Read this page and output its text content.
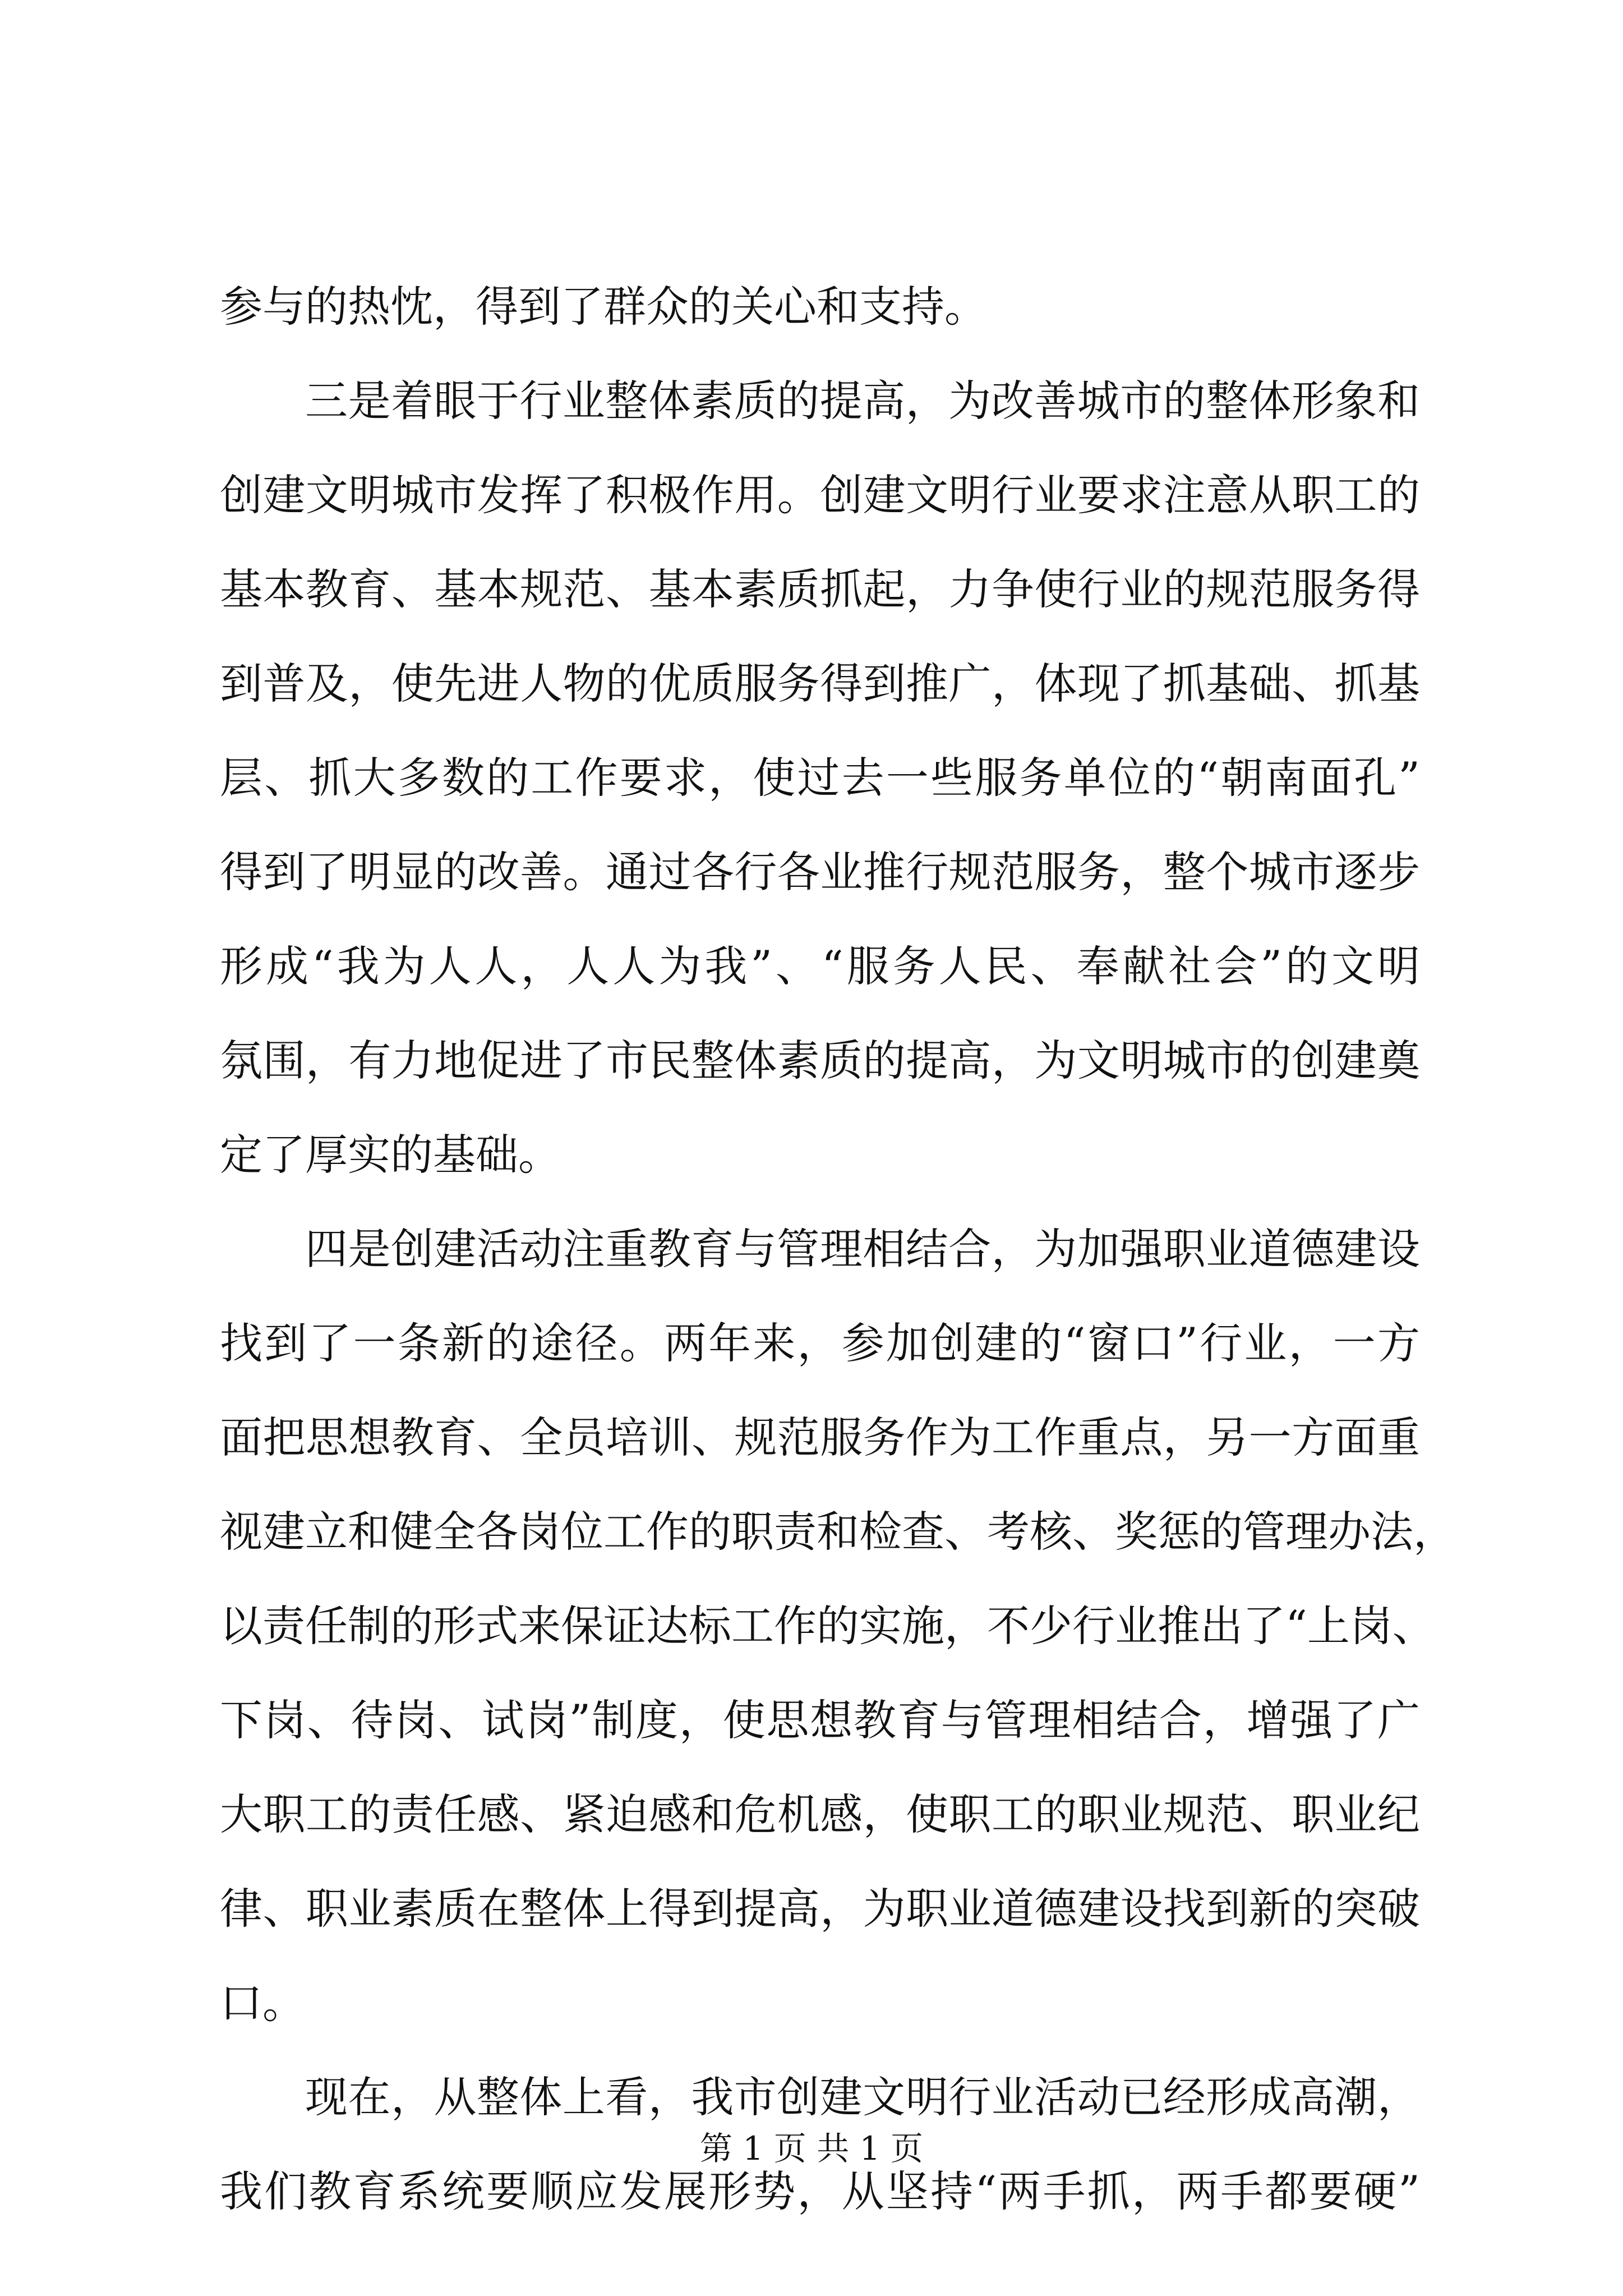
参与的热忱，得到了群众的关心和支持。
三是着眼于行业整体素质的提高，为改善城市的整体形象和
创建文明城市发挥了积极作用。创建文明行业要求注意从职工的
基本教育、基本规范、基本素质抓起，力争使行业的规范服务得
到普及，使先进人物的优质服务得到推广，体现了抓基础、抓基
层、抓大多数的工作要求，使过去一些服务单位的“朝南面孔”
得到了明显的改善。通过各行各业推行规范服务，整个城市逐步
形成“我为人人，人人为我”、“服务人民、奉献社会”的文明
氛围，有力地促进了市民整体素质的提高，为文明城市的创建奠
定了厚实的基础。
四是创建活动注重教育与管理相结合，为加强职业道德建设
找到了一条新的途径。两年来，参加创建的“窗口”行业，一方
面把思想教育、全员培训、规范服务作为工作重点，另一方面重
视建立和健全各岗位工作的职责和检查、考核、奖惩的管理办法，
以责任制的形式来保证达标工作的实施，不少行业推出了“上岗、
下岗、待岗、试岗”制度，使思想教育与管理相结合，增强了广
大职工的责任感、紧迫感和危机感，使职工的职业规范、职业纪
律、职业素质在整体上得到提高，为职业道德建设找到新的突破
口。
现在，从整体上看，我市创建文明行业活动已经形成高潮，
我们教育系统要顺应发展形势，从坚持“两手抓，两手都要硬”
第 1 页 共 1 页
